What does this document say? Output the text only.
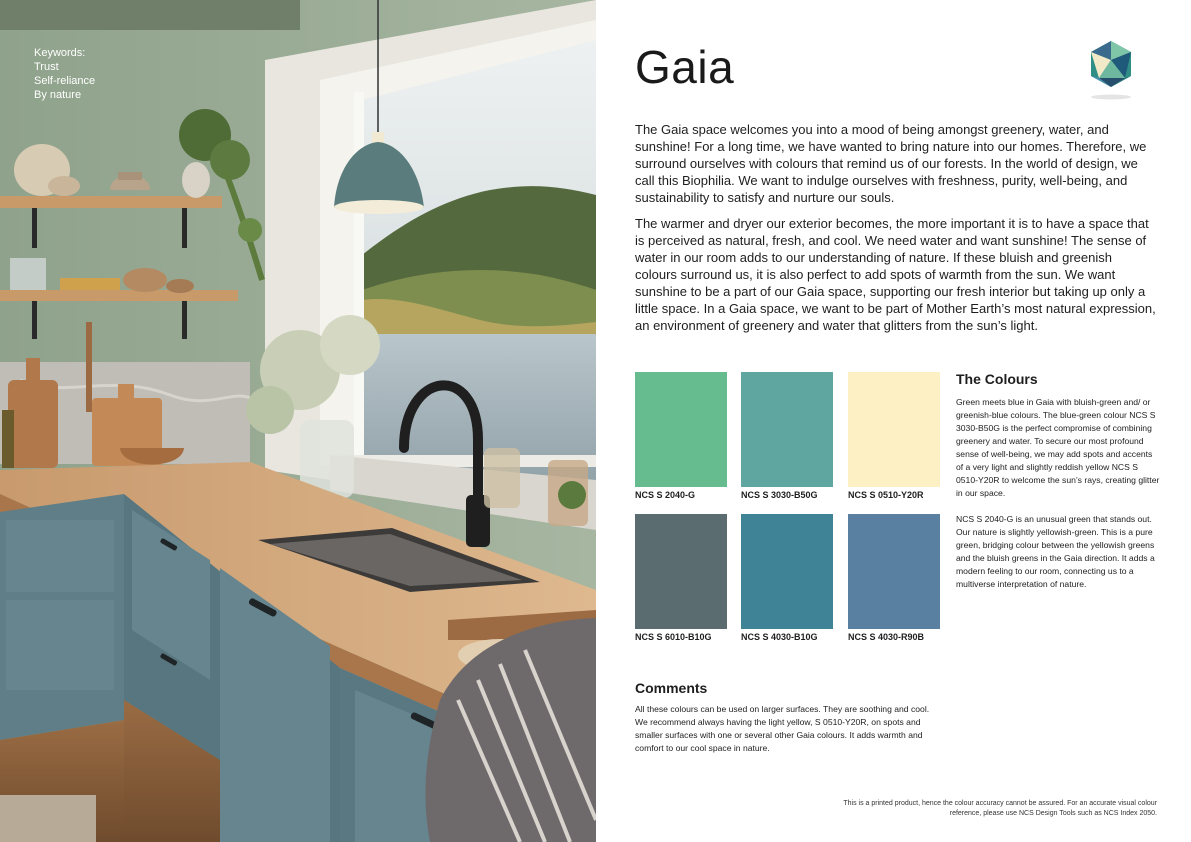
Keywords:
Trust
Self-reliance
By nature
Gaia

The Gaia space welcomes you into a mood of being amongst greenery, water, and sunshine! For a long time, we have wanted to bring nature into our homes. Therefore, we surround ourselves with colours that remind us of our forests. In the world of design, we call this Biophilia. We want to indulge ourselves with freshness, purity, well-being, and sustainability to satisfy and nurture our souls.

The warmer and dryer our exterior becomes, the more important it is to have a space that is perceived as natural, fresh, and cool. We need water and want sunshine! The sense of water in our room adds to our understanding of nature. If these bluish and greenish colours surround us, it is also perfect to add spots of warmth from the sun. We want sunshine to be a part of our Gaia space, supporting our fresh interior but taking up only a little space. In a Gaia space, we want to be part of Mother Earth’s most natural expression, an environment of greenery and water that glitters from the sun’s light.

NCS S 2040-G	NCS S 3030-B50G	NCS S 0510-Y20R
NCS S 6010-B10G	NCS S 4030-B10G	NCS S 4030-R90B
The Colours

Green meets blue in Gaia with bluish-green and/ or greenish-blue colours. The blue-green colour NCS S 3030-B50G is the perfect compromise of combining greenery and water. To secure our most profound sense of well-being, we may add spots and accents of a very light and slightly reddish yellow NCS S 0510-Y20R to welcome the sun’s rays, creating glitter in our space.

NCS S 2040-G is an unusual green that stands out. Our nature is slightly yellowish-green. This is a pure green, bridging colour between the yellowish greens and the bluish greens in the Gaia direction. It adds a modern feeling to our room, connecting us to a multiverse interpretation of nature.

Comments

All these colours can be used on larger surfaces. They are soothing and cool. We recommend always having the light yellow, S 0510-Y20R, on spots and smaller surfaces with one or several other Gaia colours. It adds warmth and comfort to our cool space in nature.

This is a printed product, hence the colour accuracy cannot be assured. For an accurate visual colour reference, please use NCS Design Tools such as NCS Index 2050.
